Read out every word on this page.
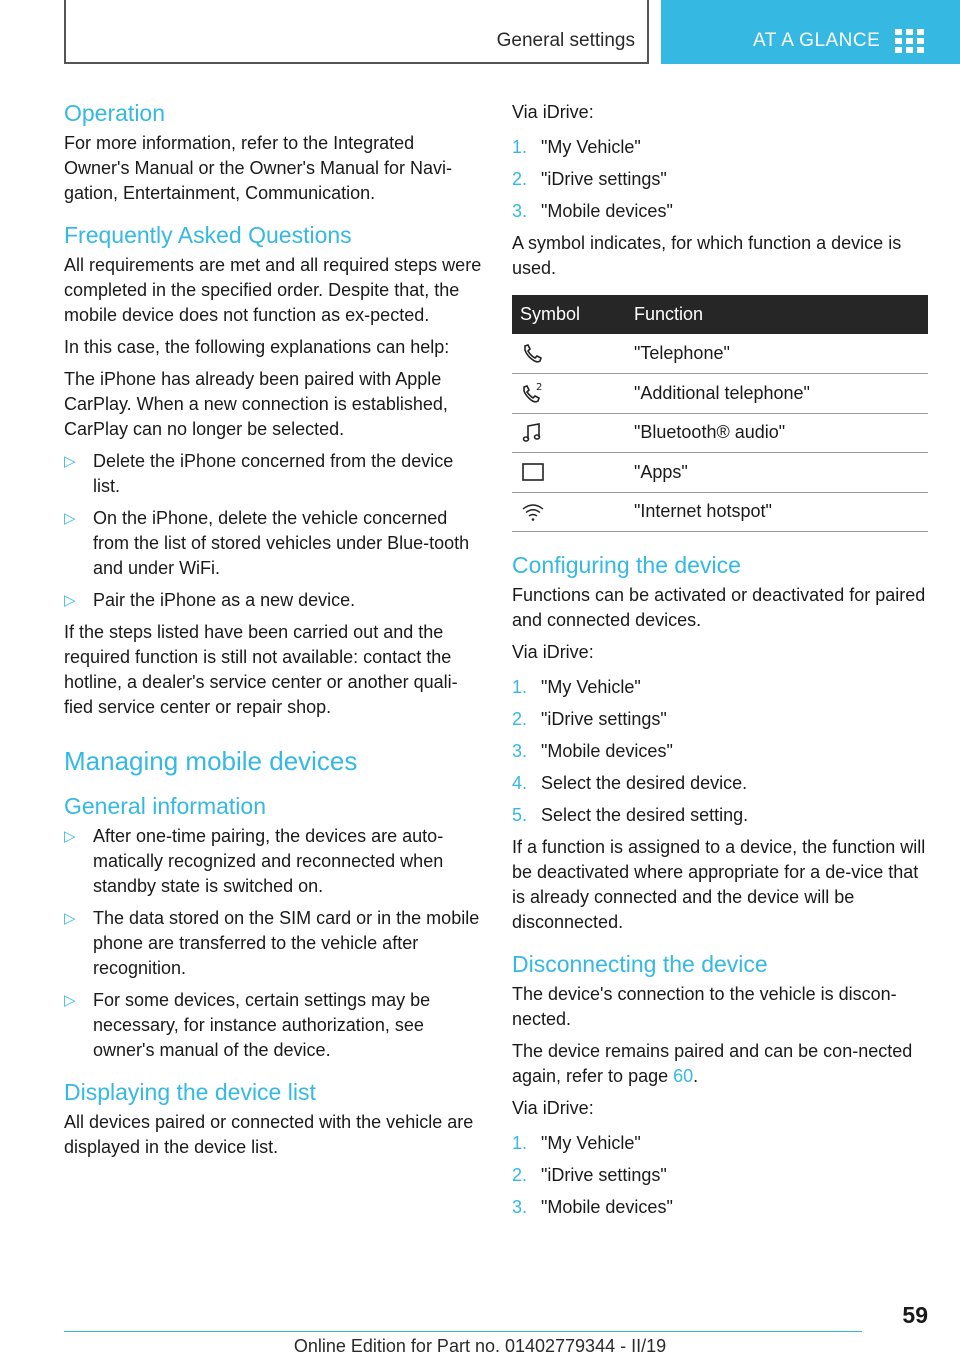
General settings	AT A GLANCE
Operation

For more information, refer to the Integrated Owner's Manual or the Owner's Manual for Navi-gation, Entertainment, Communication.

Frequently Asked Questions

All requirements are met and all required steps were completed in the specified order. Despite that, the mobile device does not function as ex-pected.

In this case, the following explanations can help:

The iPhone has already been paired with Apple CarPlay. When a new connection is established, CarPlay can no longer be selected.

▷ Delete the iPhone concerned from the device list.
▷ On the iPhone, delete the vehicle concerned from the list of stored vehicles under Blue-tooth and under WiFi.
▷ Pair the iPhone as a new device.

If the steps listed have been carried out and the required function is still not available: contact the hotline, a dealer's service center or another quali-fied service center or repair shop.

Managing mobile devices
General information
▷ After one-time pairing, the devices are auto-matically recognized and reconnected when standby state is switched on.
▷ The data stored on the SIM card or in the mobile phone are transferred to the vehicle after recognition.
▷ For some devices, certain settings may be necessary, for instance authorization, see owner's manual of the device.
Displaying the device list

All devices paired or connected with the vehicle are displayed in the device list.

Via iDrive:

1. "My Vehicle"
2. "iDrive settings"
3. "Mobile devices"

A symbol indicates, for which function a device is used.

Symbol	Function

	"Telephone"

2	"Additional telephone"

	"Bluetooth® audio"

	"Apps"

	"Internet hotspot"
Configuring the device

Functions can be activated or deactivated for paired and connected devices.

Via iDrive:

1. "My Vehicle"
2. "iDrive settings"
3. "Mobile devices"
4. Select the desired device.
5. Select the desired setting.

If a function is assigned to a device, the function will be deactivated where appropriate for a de-vice that is already connected and the device will be disconnected.

Disconnecting the device

The device's connection to the vehicle is discon-nected.

The device remains paired and can be con-nected again, refer to page 60.

Via iDrive:

1. "My Vehicle"
2. "iDrive settings"
3. "Mobile devices"
59
Online Edition for Part no. 01402779344 - II/19
